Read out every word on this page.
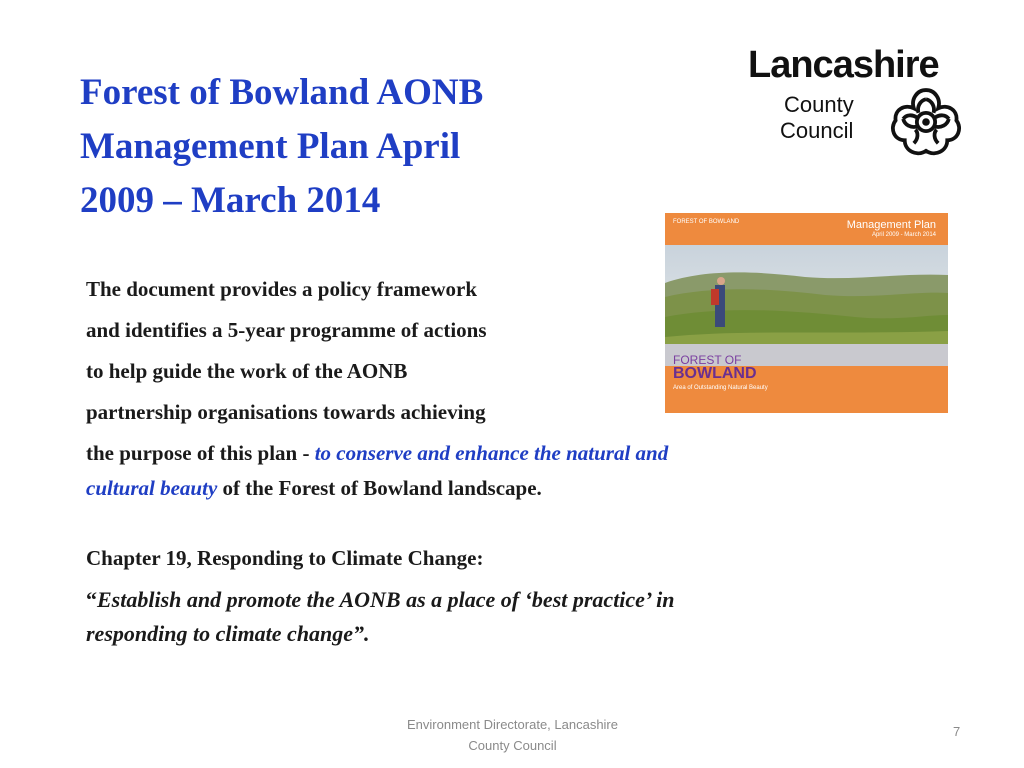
Forest of Bowland AONB
Management Plan April
2009 – March 2014
Lancashire
County
Council
FOREST OF BOWLAND	Management Plan
April 2009 - March 2014
FOREST OF
BOWLAND
Area of Outstanding Natural Beauty

The document provides a policy framework

and identifies a 5-year programme of actions

to help guide the work of the AONB

partnership organisations towards achieving

the purpose of this plan - to conserve and enhance the natural and

cultural beauty of the Forest of Bowland landscape.

Chapter 19, Responding to Climate Change:

“Establish and promote the AONB as a place of ‘best practice’ in

responding to climate change”.

Environment Directorate, Lancashire
County Council
7
